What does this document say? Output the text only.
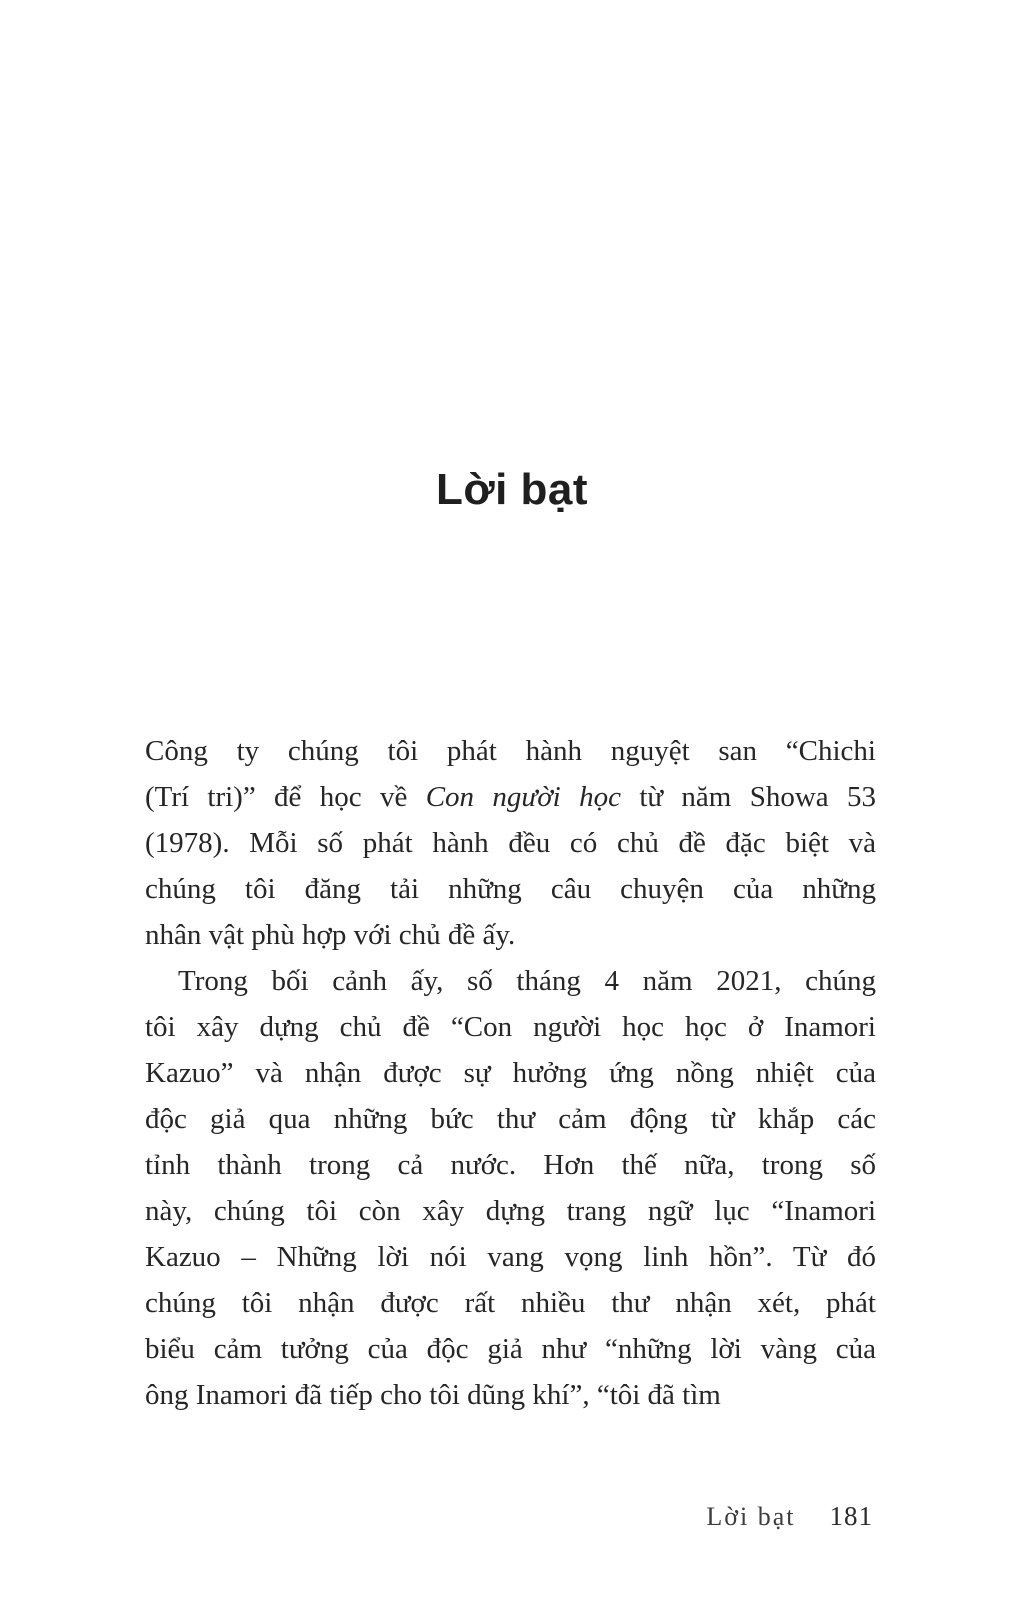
Lời bạt
Công ty chúng tôi phát hành nguyệt san “Chichi
(Trí tri)” để học về Con người học từ năm Showa 53
(1978). Mỗi số phát hành đều có chủ đề đặc biệt và
chúng tôi đăng tải những câu chuyện của những
nhân vật phù hợp với chủ đề ấy.
Trong bối cảnh ấy, số tháng 4 năm 2021, chúng
tôi xây dựng chủ đề “Con người học học ở Inamori
Kazuo” và nhận được sự hưởng ứng nồng nhiệt của
độc giả qua những bức thư cảm động từ khắp các
tỉnh thành trong cả nước. Hơn thế nữa, trong số
này, chúng tôi còn xây dựng trang ngữ lục “Inamori
Kazuo – Những lời nói vang vọng linh hồn”. Từ đó
chúng tôi nhận được rất nhiều thư nhận xét, phát
biểu cảm tưởng của độc giả như “những lời vàng của
ông Inamori đã tiếp cho tôi dũng khí”, “tôi đã tìm
Lời bạt 181
